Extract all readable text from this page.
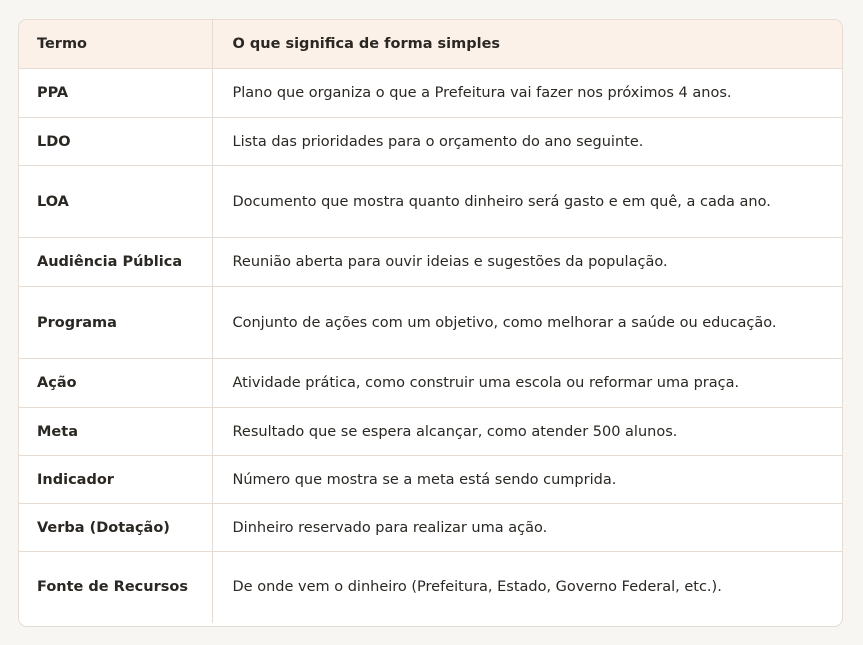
Termo	O que significa de forma simples
PPA	Plano que organiza o que a Prefeitura vai fazer nos próximos 4 anos.
LDO	Lista das prioridades para o orçamento do ano seguinte.
LOA	Documento que mostra quanto dinheiro será gasto e em quê, a cada ano.
Audiência Pública	Reunião aberta para ouvir ideias e sugestões da população.
Programa	Conjunto de ações com um objetivo, como melhorar a saúde ou educação.
Ação	Atividade prática, como construir uma escola ou reformar uma praça.
Meta	Resultado que se espera alcançar, como atender 500 alunos.
Indicador	Número que mostra se a meta está sendo cumprida.
Verba (Dotação)	Dinheiro reservado para realizar uma ação.
Fonte de Recursos	De onde vem o dinheiro (Prefeitura, Estado, Governo Federal, etc.).
